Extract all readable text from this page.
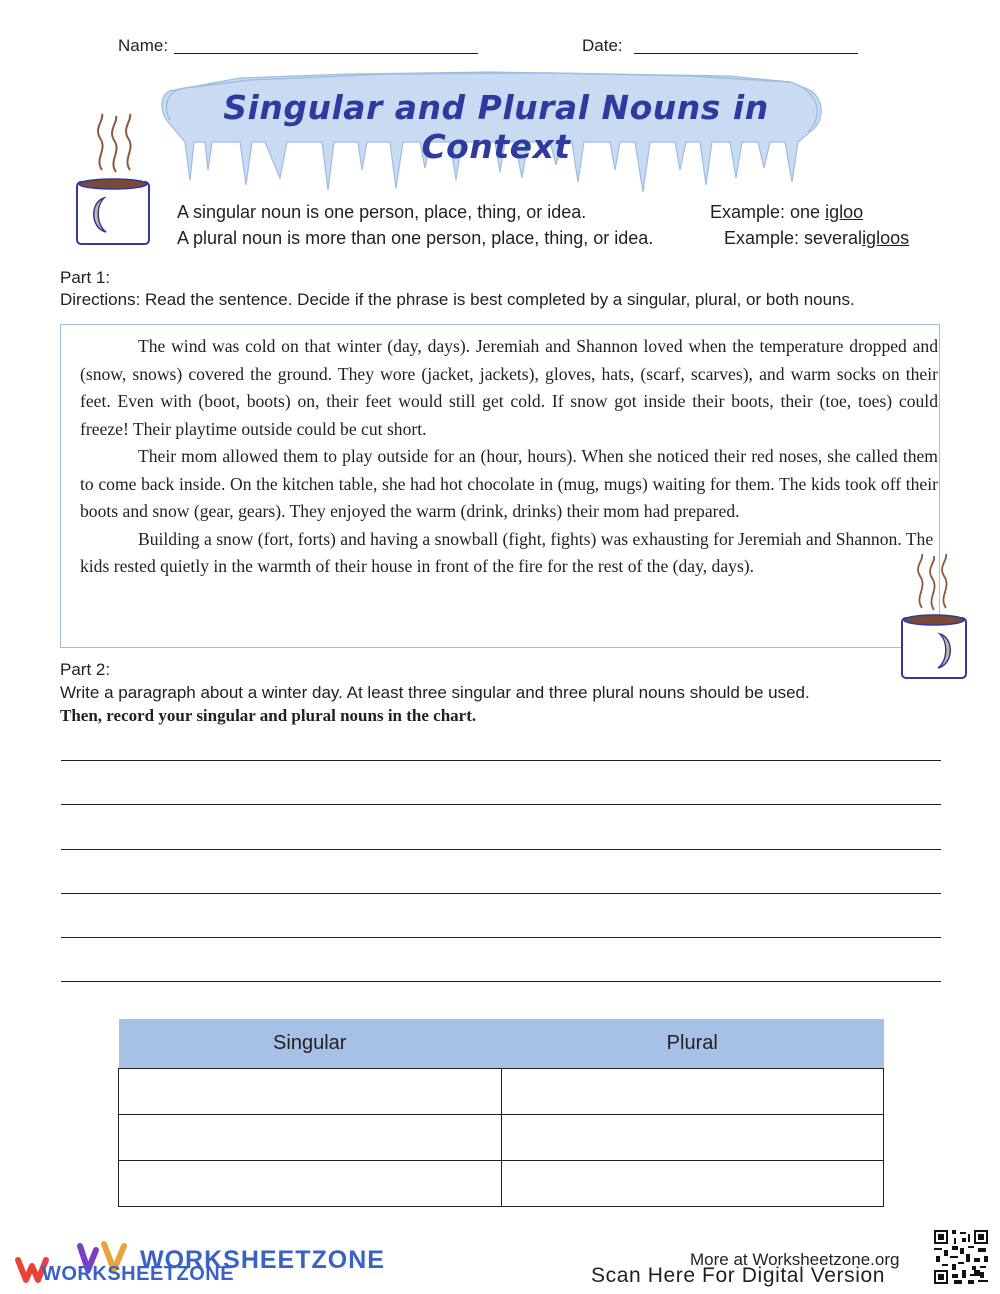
Name:	Date:
Singular and Plural Nouns in Context
A singular noun is one person, place, thing, or idea.
A plural noun is more than one person, place, thing, or idea.
Example: one igloo
Example: severaligloos
Part 1:
Directions: Read the sentence. Decide if the phrase is best completed by a singular, plural, or both nouns.

The wind was cold on that winter (day, days). Jeremiah and Shannon loved when the temperature dropped and (snow, snows) covered the ground. They wore (jacket, jackets), gloves, hats, (scarf, scarves), and warm socks on their feet. Even with (boot, boots) on, their feet would still get cold. If snow got inside their boots, their (toe, toes) could freeze! Their playtime outside could be cut short.

Their mom allowed them to play outside for an (hour, hours). When she noticed their red noses, she called them to come back inside. On the kitchen table, she had hot chocolate in (mug, mugs) waiting for them. The kids took off their boots and snow (gear, gears). They enjoyed the warm (drink, drinks) their mom had prepared.

Building a snow (fort, forts) and having a snowball (fight, fights) was exhausting for Jeremiah and Shannon. The kids rested quietly in the warmth of their house in front of the fire for the rest of the (day, days).

Part 2:
Write a paragraph about a winter day. At least three singular and three plural nouns should be used.
Then, record your singular and plural nouns in the chart.
Singular	Plural

WORKSHEETZONE
WORKSHEETZONE
More at Worksheetzone.org
Scan Here For Digital Version
